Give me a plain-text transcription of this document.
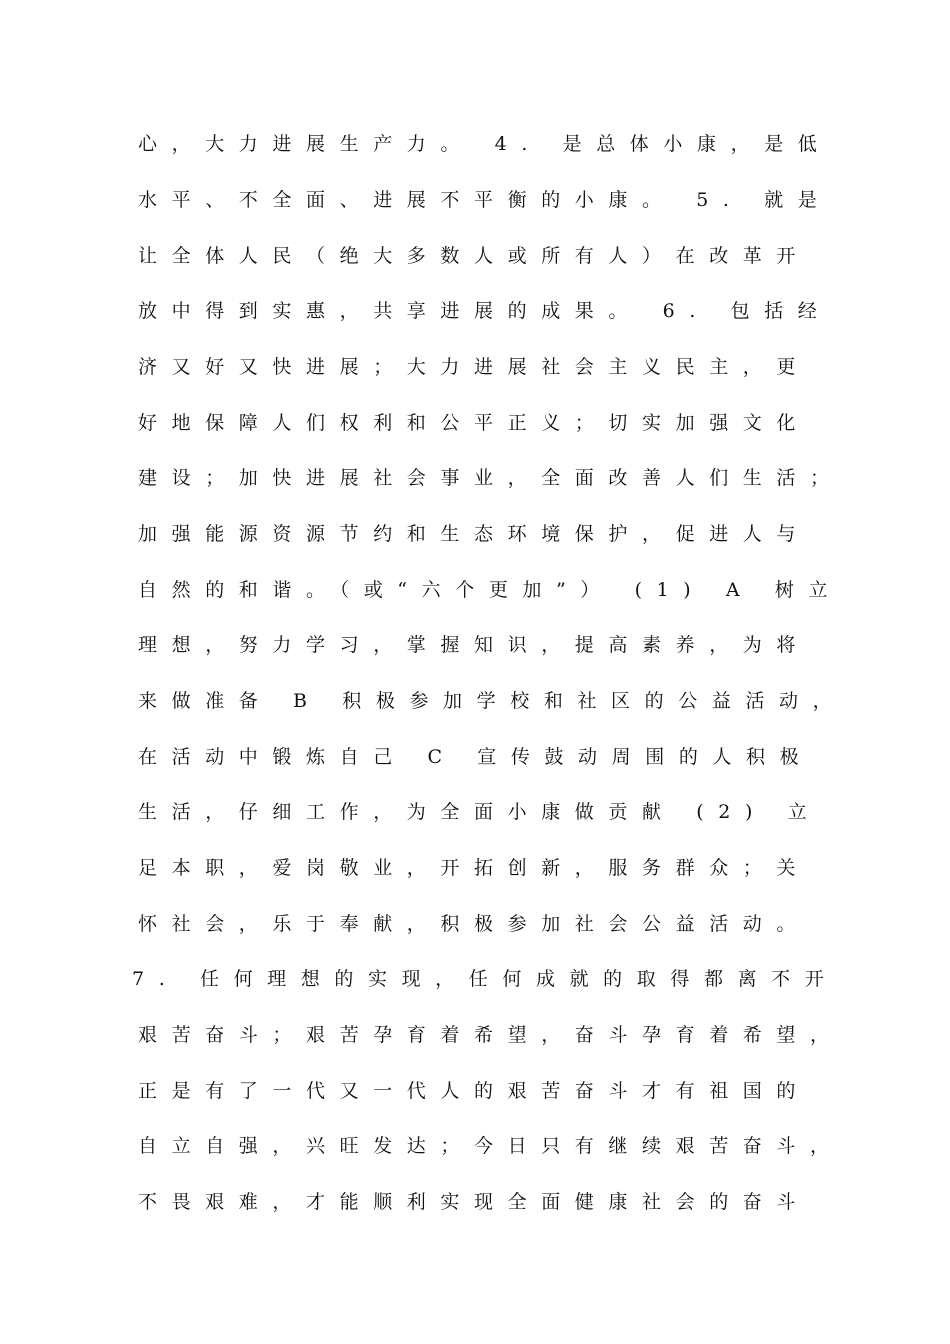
心，大力进展生产力。 4. 是总体小康，是低
水平、不全面、进展不平衡的小康。 5. 就是
让全体人民（绝大多数人或所有人）在改革开
放中得到实惠，共享进展的成果。 6. 包括经
济又好又快进展；大力进展社会主义民主，更
好地保障人们权利和公平正义；切实加强文化
建设；加快进展社会事业，全面改善人们生活；
加强能源资源节约和生态环境保护，促进人与
自然的和谐。（或“六个更加”） (1) A 树立
理想，努力学习，掌握知识，提高素养，为将
来做准备 B 积极参加学校和社区的公益活动，
在活动中锻炼自己 C 宣传鼓动周围的人积极
生活，仔细工作，为全面小康做贡献 (2) 立
足本职，爱岗敬业，开拓创新，服务群众；关
怀社会，乐于奉献，积极参加社会公益活动。
7. 任何理想的实现，任何成就的取得都离不开
艰苦奋斗；艰苦孕育着希望，奋斗孕育着希望，
正是有了一代又一代人的艰苦奋斗才有祖国的
自立自强，兴旺发达；今日只有继续艰苦奋斗，
不畏艰难，才能顺利实现全面健康社会的奋斗
